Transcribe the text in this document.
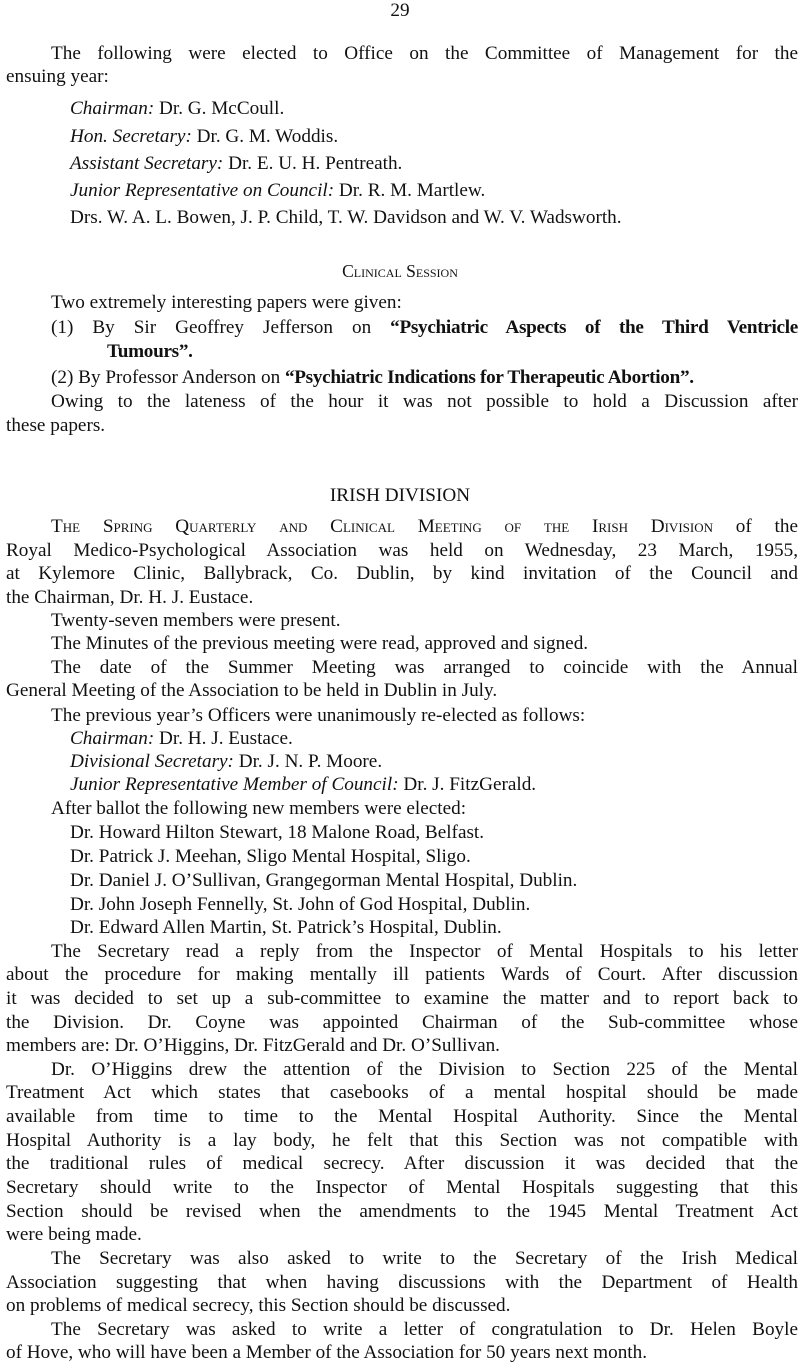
29
The following were elected to Office on the Committee of Management for the
ensuing year:
Chairman: Dr. G. McCoull.
Hon. Secretary: Dr. G. M. Woddis.
Assistant Secretary: Dr. E. U. H. Pentreath.
Junior Representative on Council: Dr. R. M. Martlew.
Drs. W. A. L. Bowen, J. P. Child, T. W. Davidson and W. V. Wadsworth.
Clinical Session
Two extremely interesting papers were given:
(1) By Sir Geoffrey Jefferson on “Psychiatric Aspects of the Third Ventricle
Tumours”.
(2) By Professor Anderson on “Psychiatric Indications for Therapeutic Abortion”.
Owing to the lateness of the hour it was not possible to hold a Discussion after
these papers.
IRISH DIVISION
The Spring Quarterly and Clinical Meeting of the Irish Division of the
Royal Medico-Psychological Association was held on Wednesday, 23 March, 1955,
at Kylemore Clinic, Ballybrack, Co. Dublin, by kind invitation of the Council and
the Chairman, Dr. H. J. Eustace.
Twenty-seven members were present.
The Minutes of the previous meeting were read, approved and signed.
The date of the Summer Meeting was arranged to coincide with the Annual
General Meeting of the Association to be held in Dublin in July.
The previous year’s Officers were unanimously re-elected as follows:
Chairman: Dr. H. J. Eustace.
Divisional Secretary: Dr. J. N. P. Moore.
Junior Representative Member of Council: Dr. J. FitzGerald.
After ballot the following new members were elected:
Dr. Howard Hilton Stewart, 18 Malone Road, Belfast.
Dr. Patrick J. Meehan, Sligo Mental Hospital, Sligo.
Dr. Daniel J. O’Sullivan, Grangegorman Mental Hospital, Dublin.
Dr. John Joseph Fennelly, St. John of God Hospital, Dublin.
Dr. Edward Allen Martin, St. Patrick’s Hospital, Dublin.
The Secretary read a reply from the Inspector of Mental Hospitals to his letter
about the procedure for making mentally ill patients Wards of Court. After discussion
it was decided to set up a sub-committee to examine the matter and to report back to
the Division. Dr. Coyne was appointed Chairman of the Sub-committee whose
members are: Dr. O’Higgins, Dr. FitzGerald and Dr. O’Sullivan.
Dr. O’Higgins drew the attention of the Division to Section 225 of the Mental
Treatment Act which states that casebooks of a mental hospital should be made
available from time to time to the Mental Hospital Authority. Since the Mental
Hospital Authority is a lay body, he felt that this Section was not compatible with
the traditional rules of medical secrecy. After discussion it was decided that the
Secretary should write to the Inspector of Mental Hospitals suggesting that this
Section should be revised when the amendments to the 1945 Mental Treatment Act
were being made.
The Secretary was also asked to write to the Secretary of the Irish Medical
Association suggesting that when having discussions with the Department of Health
on problems of medical secrecy, this Section should be discussed.
The Secretary was asked to write a letter of congratulation to Dr. Helen Boyle
of Hove, who will have been a Member of the Association for 50 years next month.
